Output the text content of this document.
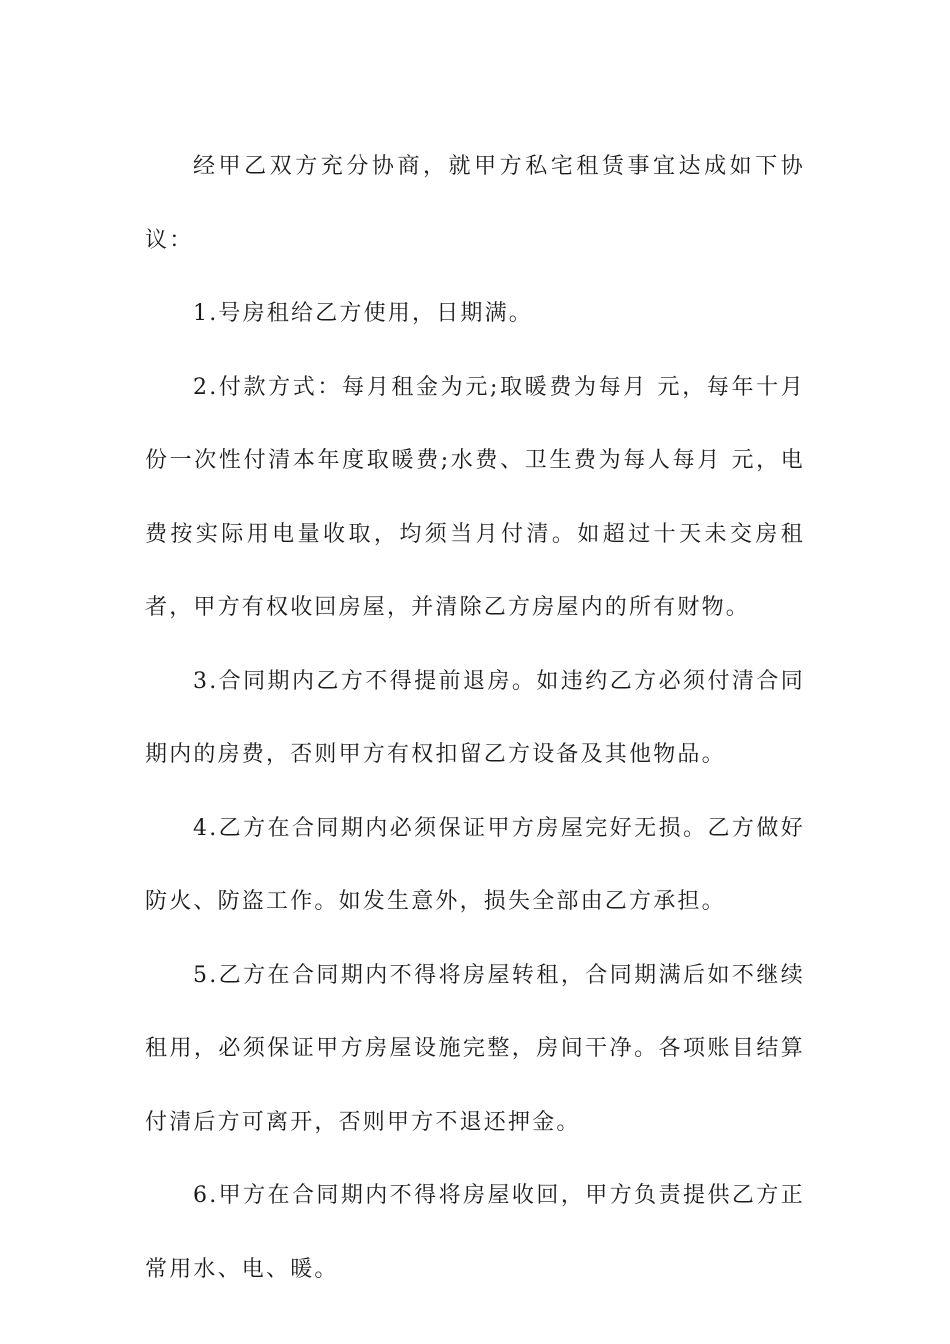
经甲乙双方充分协商，就甲方私宅租赁事宜达成如下协议：

1.号房租给乙方使用，日期满。

2.付款方式：每月租金为元;取暖费为每月 元，每年十月份一次性付清本年度取暖费;水费、卫生费为每人每月 元，电费按实际用电量收取，均须当月付清。如超过十天未交房租者，甲方有权收回房屋，并清除乙方房屋内的所有财物。

3.合同期内乙方不得提前退房。如违约乙方必须付清合同期内的房费，否则甲方有权扣留乙方设备及其他物品。

4.乙方在合同期内必须保证甲方房屋完好无损。乙方做好防火、防盗工作。如发生意外，损失全部由乙方承担。

5.乙方在合同期内不得将房屋转租，合同期满后如不继续租用，必须保证甲方房屋设施完整，房间干净。各项账目结算付清后方可离开，否则甲方不退还押金。

6.甲方在合同期内不得将房屋收回，甲方负责提供乙方正常用水、电、暖。
